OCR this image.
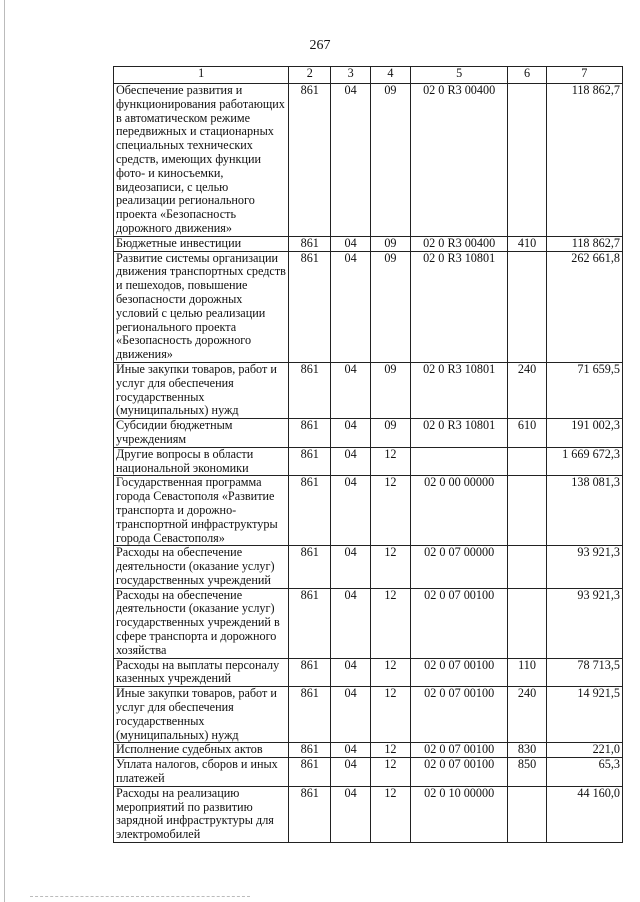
267
1	2	3	4	5	6	7
Обеспечение развития и функционирования работающих в автоматическом режиме передвижных и стационарных специальных технических средств, имеющих функции фото- и киносъемки, видеозаписи, с целью реализации регионального проекта «Безопасность дорожного движения»	861	04	09	02 0 R3 00400		118 862,7
Бюджетные инвестиции	861	04	09	02 0 R3 00400	410	118 862,7
Развитие системы организации движения транспортных средств и пешеходов, повышение безопасности дорожных условий с целью реализации регионального проекта «Безопасность дорожного движения»	861	04	09	02 0 R3 10801		262 661,8
Иные закупки товаров, работ и услуг для обеспечения государственных (муниципальных) нужд	861	04	09	02 0 R3 10801	240	71 659,5
Субсидии бюджетным учреждениям	861	04	09	02 0 R3 10801	610	191 002,3
Другие вопросы в области национальной экономики	861	04	12			1 669 672,3
Государственная программа города Севастополя «Развитие транспорта и дорожно-транспортной инфраструктуры города Севастополя»	861	04	12	02 0 00 00000		138 081,3
Расходы на обеспечение деятельности (оказание услуг) государственных учреждений	861	04	12	02 0 07 00000		93 921,3
Расходы на обеспечение деятельности (оказание услуг) государственных учреждений в сфере транспорта и дорожного хозяйства	861	04	12	02 0 07 00100		93 921,3
Расходы на выплаты персоналу казенных учреждений	861	04	12	02 0 07 00100	110	78 713,5
Иные закупки товаров, работ и услуг для обеспечения государственных (муниципальных) нужд	861	04	12	02 0 07 00100	240	14 921,5
Исполнение судебных актов	861	04	12	02 0 07 00100	830	221,0
Уплата налогов, сборов и иных платежей	861	04	12	02 0 07 00100	850	65,3
Расходы на реализацию мероприятий по развитию зарядной инфраструктуры для электромобилей	861	04	12	02 0 10 00000		44 160,0
